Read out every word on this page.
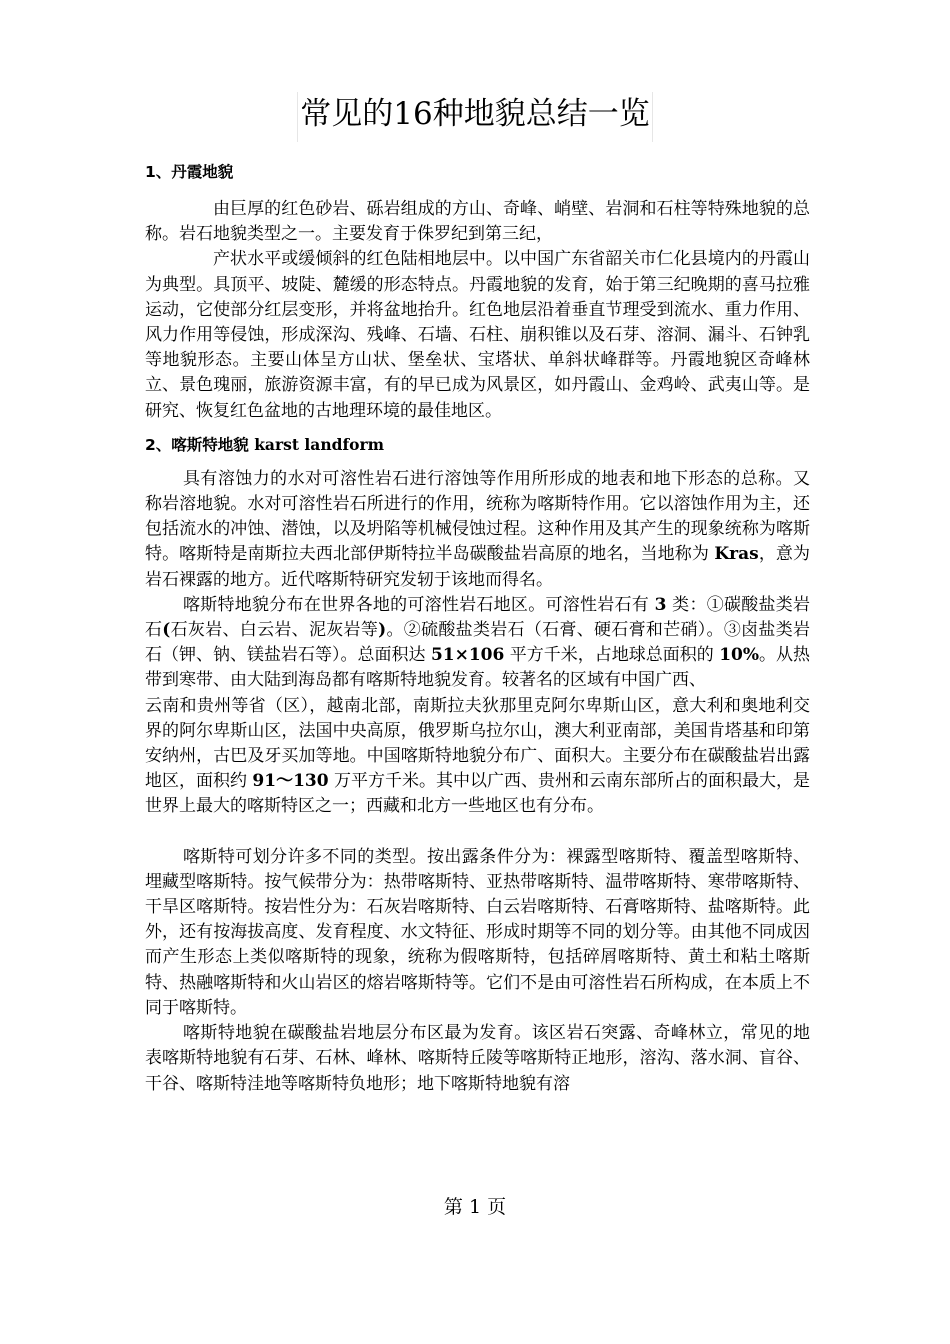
常见的16种地貌总结一览
1、丹霞地貌

由巨厚的红色砂岩、砾岩组成的方山、奇峰、峭壁、岩洞和石柱等特殊地貌的总称。岩石地貌类型之一。主要发育于侏罗纪到第三纪，

产状水平或缓倾斜的红色陆相地层中。以中国广东省韶关市仁化县境内的丹霞山为典型。具顶平、坡陡、麓缓的形态特点。丹霞地貌的发育，始于第三纪晚期的喜马拉雅运动，它使部分红层变形，并将盆地抬升。红色地层沿着垂直节理受到流水、重力作用、风力作用等侵蚀，形成深沟、残峰、石墙、石柱、崩积锥以及石芽、溶洞、漏斗、石钟乳等地貌形态。主要山体呈方山状、堡垒状、宝塔状、单斜状峰群等。丹霞地貌区奇峰林立、景色瑰丽，旅游资源丰富，有的早已成为风景区，如丹霞山、金鸡岭、武夷山等。是研究、恢复红色盆地的古地理环境的最佳地区。

2、喀斯特地貌 karst landform

具有溶蚀力的水对可溶性岩石进行溶蚀等作用所形成的地表和地下形态的总称。又称岩溶地貌。水对可溶性岩石所进行的作用，统称为喀斯特作用。它以溶蚀作用为主，还包括流水的冲蚀、潜蚀，以及坍陷等机械侵蚀过程。这种作用及其产生的现象统称为喀斯特。喀斯特是南斯拉夫西北部伊斯特拉半岛碳酸盐岩高原的地名，当地称为 Kras，意为岩石裸露的地方。近代喀斯特研究发轫于该地而得名。

喀斯特地貌分布在世界各地的可溶性岩石地区。可溶性岩石有 3 类：①碳酸盐类岩石(石灰岩、白云岩、泥灰岩等)。②硫酸盐类岩石（石膏、硬石膏和芒硝）。③卤盐类岩石（钾、钠、镁盐岩石等）。总面积达 51×106 平方千米，占地球总面积的 10%。从热带到寒带、由大陆到海岛都有喀斯特地貌发育。较著名的区域有中国广西、

云南和贵州等省（区），越南北部，南斯拉夫狄那里克阿尔卑斯山区，意大利和奥地利交界的阿尔卑斯山区，法国中央高原，俄罗斯乌拉尔山，澳大利亚南部，美国肯塔基和印第安纳州，古巴及牙买加等地。中国喀斯特地貌分布广、面积大。主要分布在碳酸盐岩出露地区，面积约 91～130 万平方千米。其中以广西、贵州和云南东部所占的面积最大，是世界上最大的喀斯特区之一；西藏和北方一些地区也有分布。

喀斯特可划分许多不同的类型。按出露条件分为：裸露型喀斯特、覆盖型喀斯特、埋藏型喀斯特。按气候带分为：热带喀斯特、亚热带喀斯特、温带喀斯特、寒带喀斯特、干旱区喀斯特。按岩性分为：石灰岩喀斯特、白云岩喀斯特、石膏喀斯特、盐喀斯特。此外，还有按海拔高度、发育程度、水文特征、形成时期等不同的划分等。由其他不同成因而产生形态上类似喀斯特的现象，统称为假喀斯特，包括碎屑喀斯特、黄土和粘土喀斯特、热融喀斯特和火山岩区的熔岩喀斯特等。它们不是由可溶性岩石所构成，在本质上不同于喀斯特。

喀斯特地貌在碳酸盐岩地层分布区最为发育。该区岩石突露、奇峰林立，常见的地表喀斯特地貌有石芽、石林、峰林、喀斯特丘陵等喀斯特正地形，溶沟、落水洞、盲谷、干谷、喀斯特洼地等喀斯特负地形；地下喀斯特地貌有溶

第 1 页
